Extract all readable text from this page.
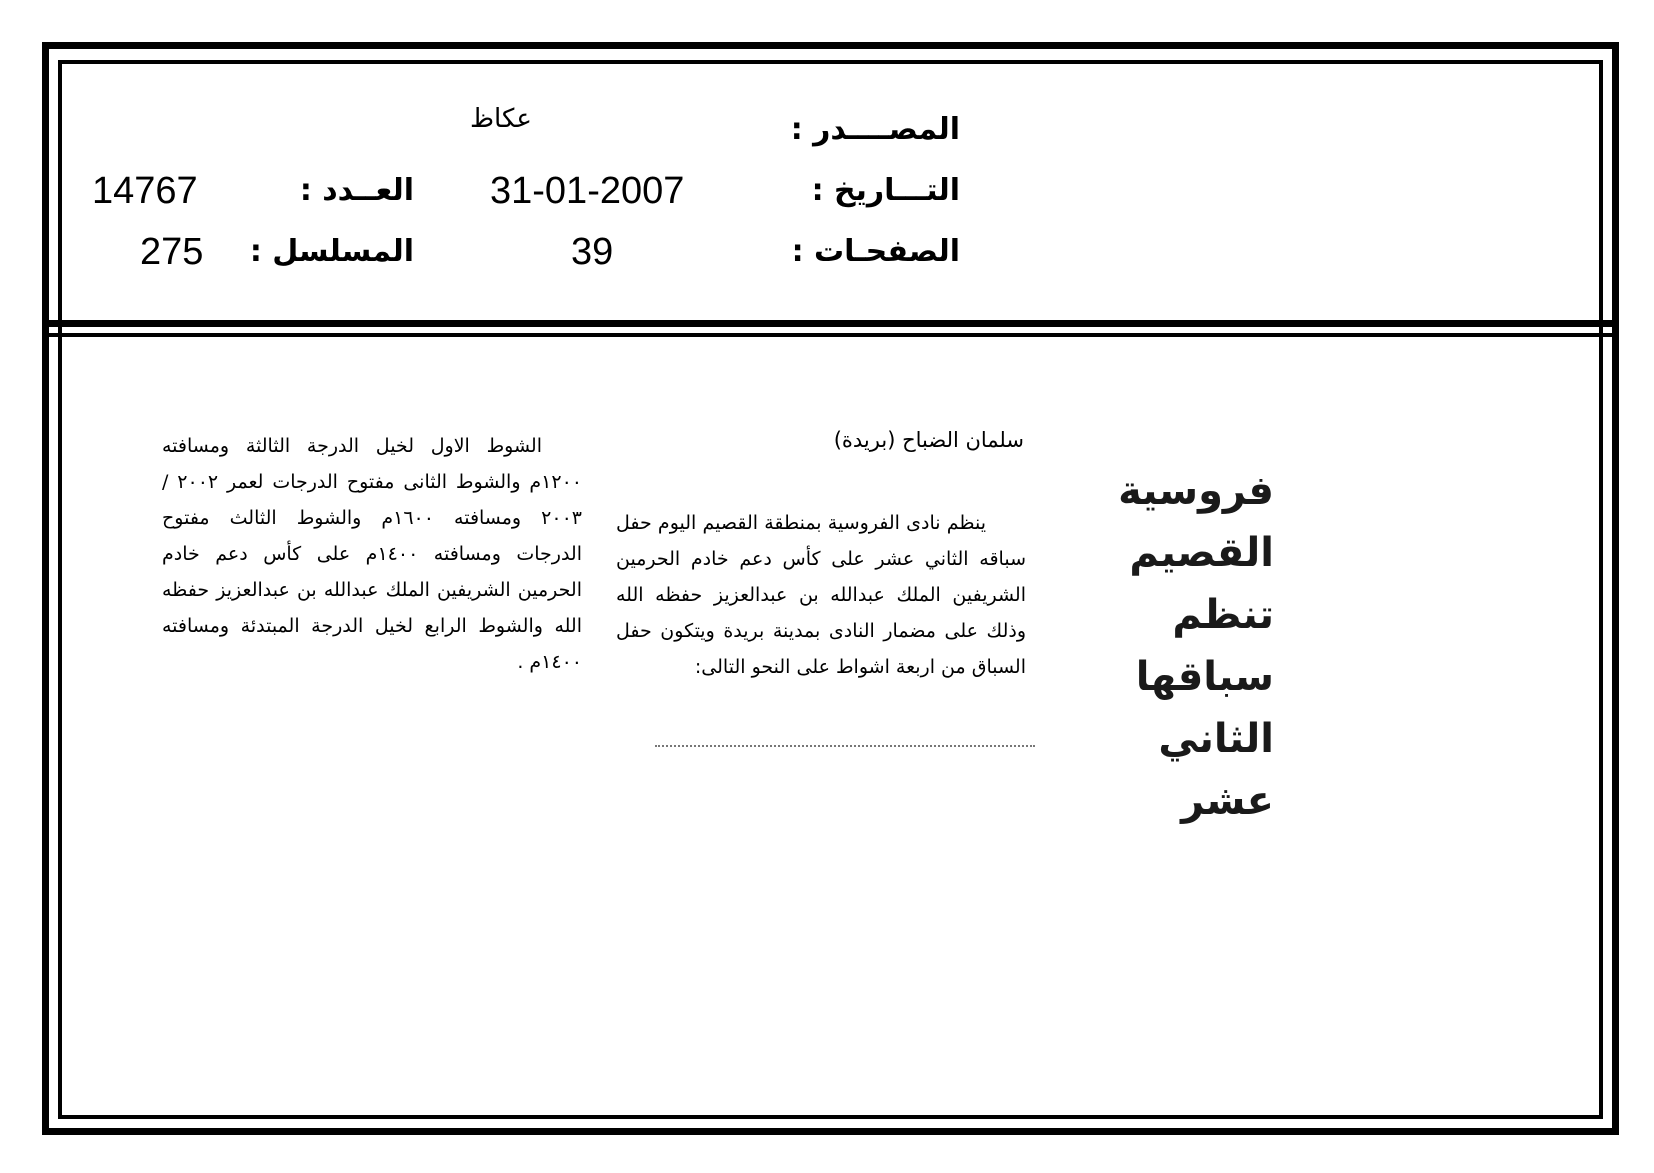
المصــــدر :
عكاظ
التـــاريخ :
31-01-2007
الصفحـات :
39
العــدد :
14767
المسلسل :
275
فروسية
القصيم تنظم
سباقها الثاني
عشر
سلمان الضباح (بريدة)

ينظم نادى الفروسية بمنطقة القصيم اليوم حفل سباقه الثاني عشر على كأس دعم خادم الحرمين الشريفين الملك عبدالله بن عبدالعزيز حفظه الله وذلك على مضمار النادى بمدينة بريدة ويتكون حفل السباق من اربعة اشواط على النحو التالى:

الشوط الاول لخيل الدرجة الثالثة ومسافته ١٢٠٠م والشوط الثانى مفتوح الدرجات لعمر ٢٠٠٢ / ٢٠٠٣ ومسافته ١٦٠٠م والشوط الثالث مفتوح الدرجات ومسافته ١٤٠٠م على كأس دعم خادم الحرمين الشريفين الملك عبدالله بن عبدالعزيز حفظه الله والشوط الرابع لخيل الدرجة المبتدئة ومسافته ١٤٠٠م .
